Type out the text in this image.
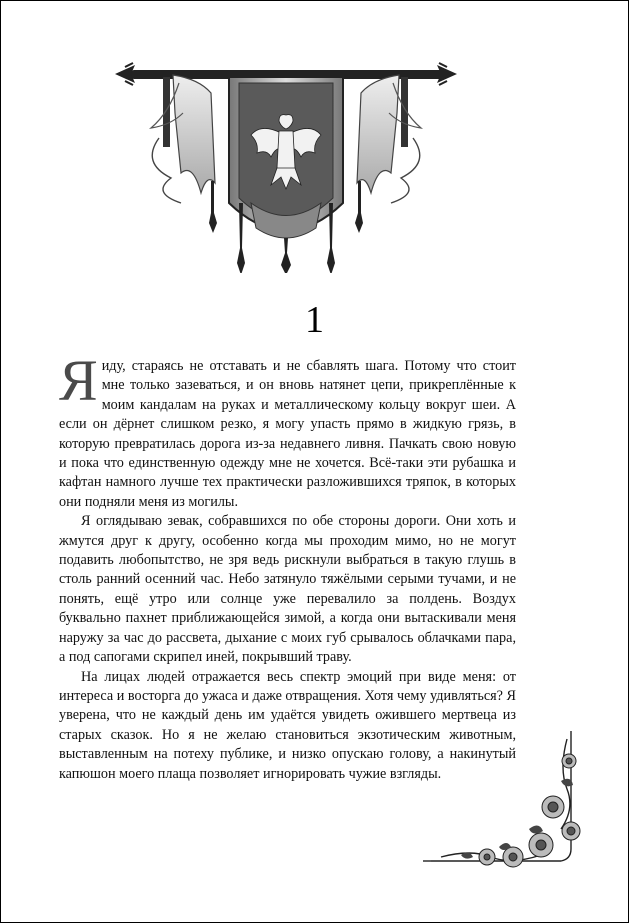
1

Я иду, стараясь не отставать и не сбавлять шага. Потому что стоит мне только зазеваться, и он вновь натянет цепи, прикреплённые к моим кандалам на руках и металлическому кольцу вокруг шеи. А если он дёрнет слишком резко, я могу упасть прямо в жидкую грязь, в которую превратилась дорога из-за недавнего ливня. Пачкать свою новую и пока что единственную одежду мне не хочется. Всё-таки эти рубашка и кафтан намного лучше тех практически разложившихся тряпок, в которых они подняли меня из могилы.

Я оглядываю зевак, собравшихся по обе стороны дороги. Они хоть и жмутся друг к другу, особенно когда мы проходим мимо, но не могут подавить любопытство, не зря ведь рискнули выбраться в такую глушь в столь ранний осенний час. Небо затянуло тяжёлыми серыми тучами, и не понять, ещё утро или солнце уже перевалило за полдень. Воздух буквально пахнет приближающейся зимой, а когда они вытаскивали меня наружу за час до рассвета, дыхание с моих губ срывалось облачками пара, а под сапогами скрипел иней, покрывший траву.

На лицах людей отражается весь спектр эмоций при виде меня: от интереса и восторга до ужаса и даже отвращения. Хотя чему удивляться? Я уверена, что не каждый день им удаётся увидеть ожившего мертвеца из старых сказок. Но я не желаю становиться экзотическим животным, выставленным на потеху публике, и низко опускаю голову, а накинутый капюшон моего плаща позволяет игнорировать чужие взгляды.
